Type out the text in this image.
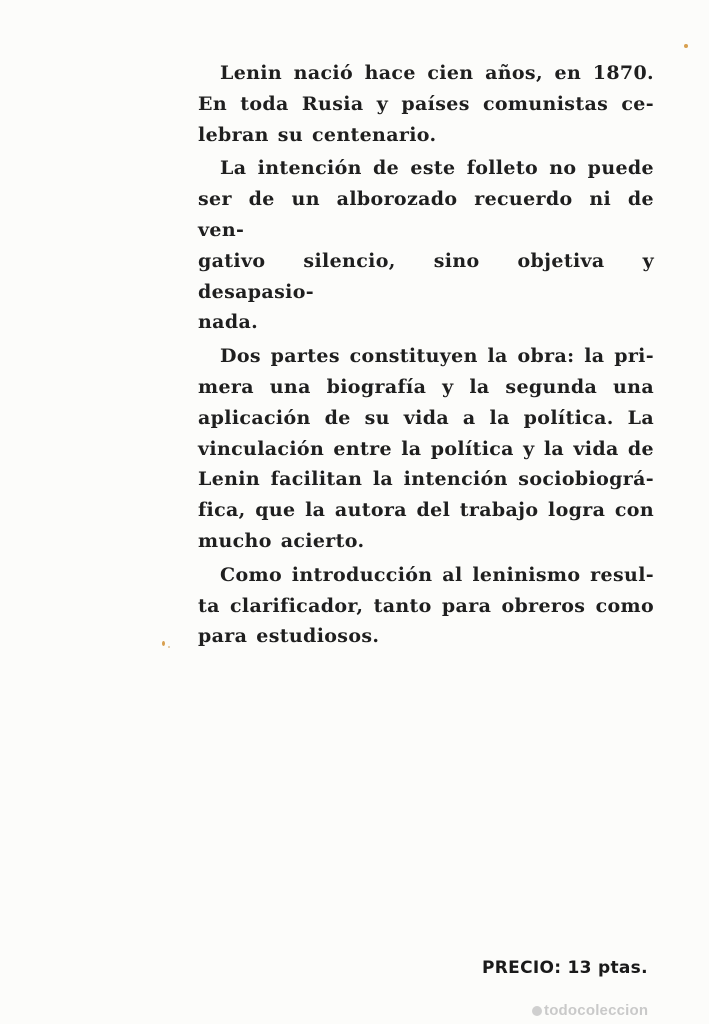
Lenin nació hace cien años, en 1870.
En toda Rusia y países comunistas ce-
lebran su centenario.

La intención de este folleto no puede
ser de un alborozado recuerdo ni de ven-
gativo silencio, sino objetiva y desapasio-
nada.

Dos partes constituyen la obra: la pri-
mera una biografía y la segunda una
aplicación de su vida a la política. La
vinculación entre la política y la vida de
Lenin facilitan la intención sociobiográ-
fica, que la autora del trabajo logra con
mucho acierto.

Como introducción al leninismo resul-
ta clarificador, tanto para obreros como
para estudiosos.

PRECIO: 13 ptas.
todocoleccion
